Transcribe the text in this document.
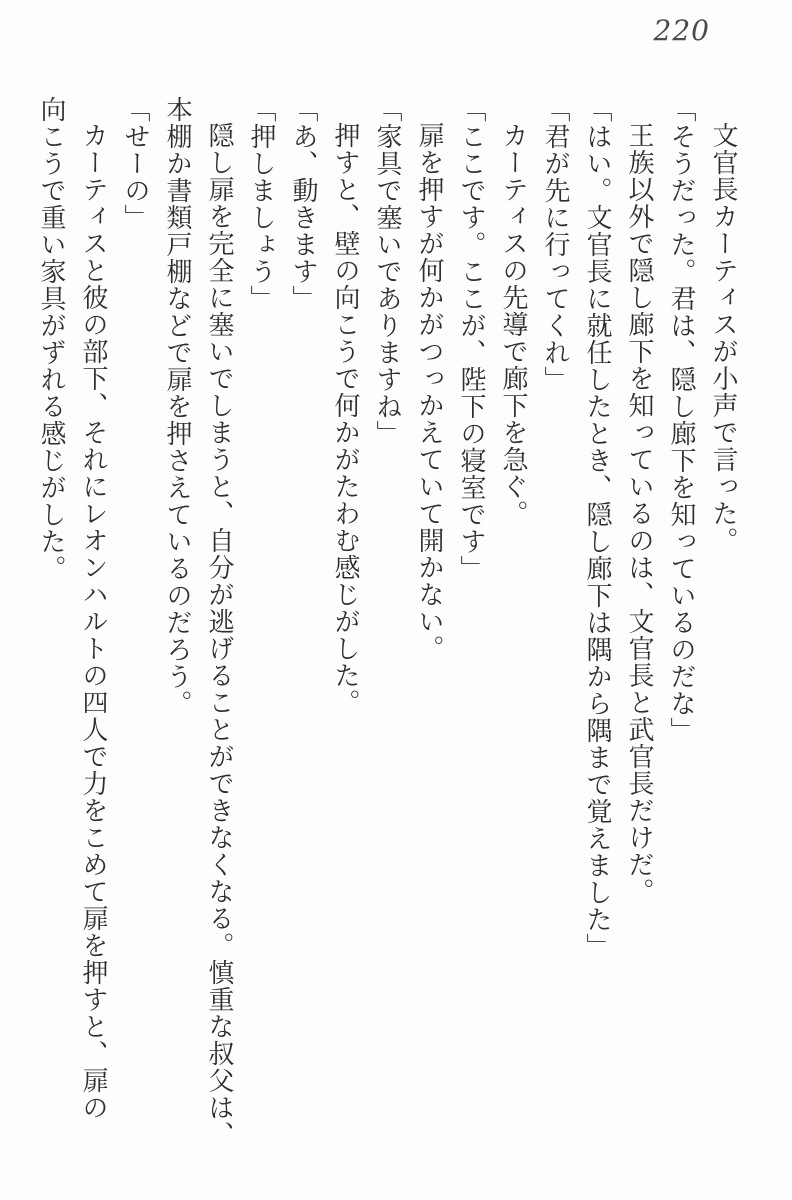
220

文官長カーティスが小声で言った。

「そうだった。君は、隠し廊下を知っているのだな」

王族以外で隠し廊下を知っているのは、文官長と武官長だけだ。

「はい。文官長に就任したとき、隠し廊下は隅から隅まで覚えました」

「君が先に行ってくれ」

カーティスの先導で廊下を急ぐ。

「ここです。ここが、陛下の寝室です」

扉を押すが何かがつっかえていて開かない。

「家具で塞いでありますね」

押すと、壁の向こうで何かがたわむ感じがした。

「あ、動きます」

「押しましょう」

隠し扉を完全に塞いでしまうと、自分が逃げることができなくなる。慎重な叔父は、

本棚か書類戸棚などで扉を押さえているのだろう。

「せーの」

カーティスと彼の部下、それにレオンハルトの四人で力をこめて扉を押すと、扉の

向こうで重い家具がずれる感じがした。
